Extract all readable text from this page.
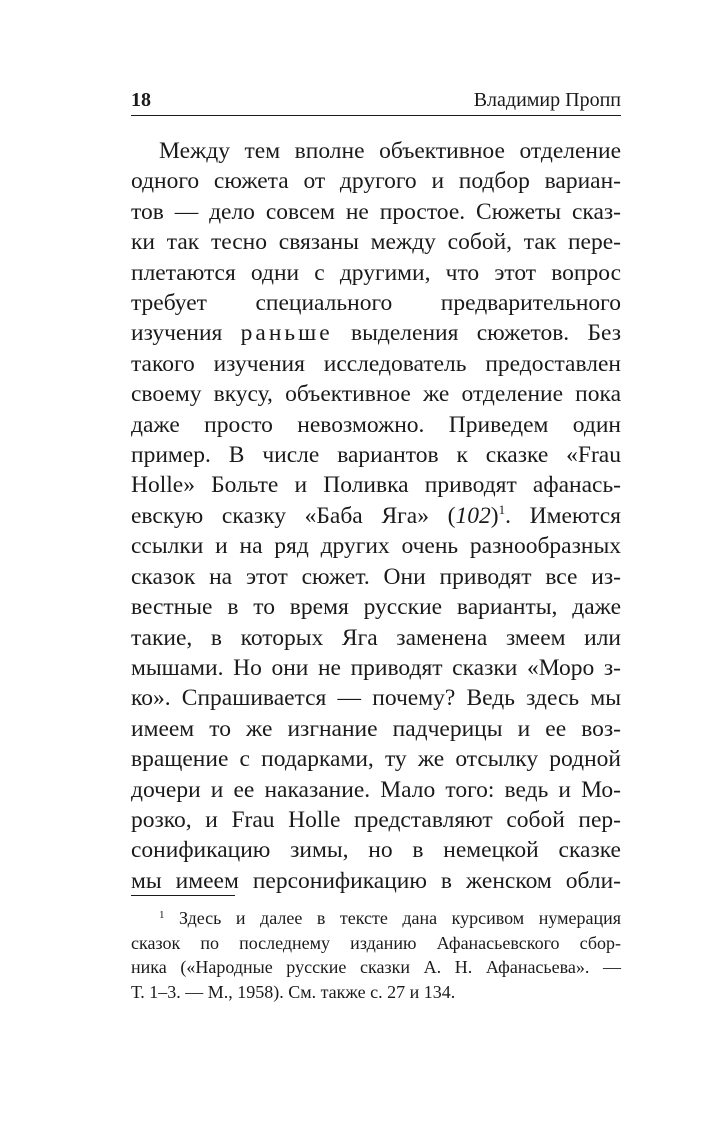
18	Владимир Пропп
Между тем вполне объективное отделение
одного сюжета от другого и подбор вариан-
тов — дело совсем не простое. Сюжеты сказ-
ки так тесно связаны между собой, так пере-
плетаются одни с другими, что этот вопрос
требует специального предварительного
изучения раньше выделения сюжетов. Без
такого изучения исследователь предоставлен
своему вкусу, объективное же отделение пока
даже просто невозможно. Приведем один
пример. В числе вариантов к сказке «Frau
Holle» Больте и Поливка приводят афанась-
евскую сказку «Баба Яга» $(102)^1$. Имеются
ссылки и на ряд других очень разнообразных
сказок на этот сюжет. Они приводят все из-
вестные в то время русские варианты, даже
такие, в которых Яга заменена змеем или
мышами. Но они не приводят сказки «Моро з-
ко». Спрашивается — почему? Ведь здесь мы
имеем то же изгнание падчерицы и ее воз-
вращение с подарками, ту же отсылку родной
дочери и ее наказание. Мало того: ведь и Мо-
розко, и Frau Holle представляют собой пер-
сонификацию зимы, но в немецкой сказке
мы имеем персонификацию в женском обли-
$^1$ Здесь и далее в тексте дана курсивом нумерация
сказок по последнему изданию Афанасьевского сбор-
ника («Народные русские сказки А. Н. Афанасьева». —
Т. 1–3. — М., 1958). См. также с. 27 и 134.
